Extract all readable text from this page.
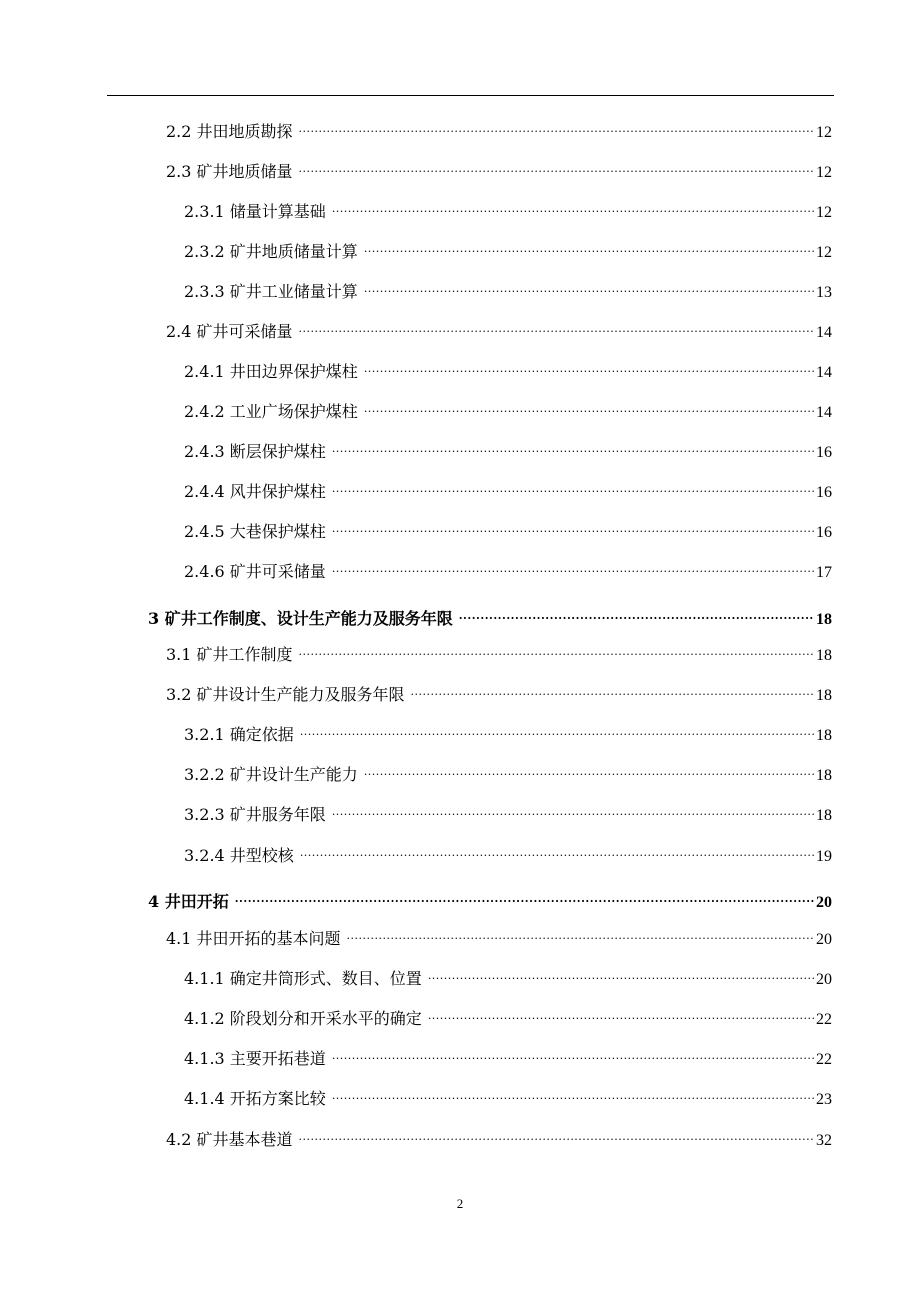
2.2 井田地质勘探 .....	12
2.3 矿井地质储量 .....	12
2.3.1 储量计算基础 .....	12
2.3.2 矿井地质储量计算 .....	12
2.3.3 矿井工业储量计算 .....	13
2.4 矿井可采储量 .....	14
2.4.1 井田边界保护煤柱 .....	14
2.4.2 工业广场保护煤柱 .....	14
2.4.3 断层保护煤柱 .....	16
2.4.4 风井保护煤柱 .....	16
2.4.5 大巷保护煤柱 .....	16
2.4.6 矿井可采储量 .....	17
3 矿井工作制度、设计生产能力及服务年限 .....	18
3.1 矿井工作制度 .....	18
3.2 矿井设计生产能力及服务年限 .....	18
3.2.1 确定依据 .....	18
3.2.2 矿井设计生产能力 .....	18
3.2.3 矿井服务年限 .....	18
3.2.4 井型校核 .....	19
4 井田开拓 .....	20
4.1 井田开拓的基本问题 .....	20
4.1.1 确定井筒形式、数目、位置 .....	20
4.1.2 阶段划分和开采水平的确定 .....	22
4.1.3 主要开拓巷道 .....	22
4.1.4 开拓方案比较 .....	23
4.2 矿井基本巷道 .....	32
2
